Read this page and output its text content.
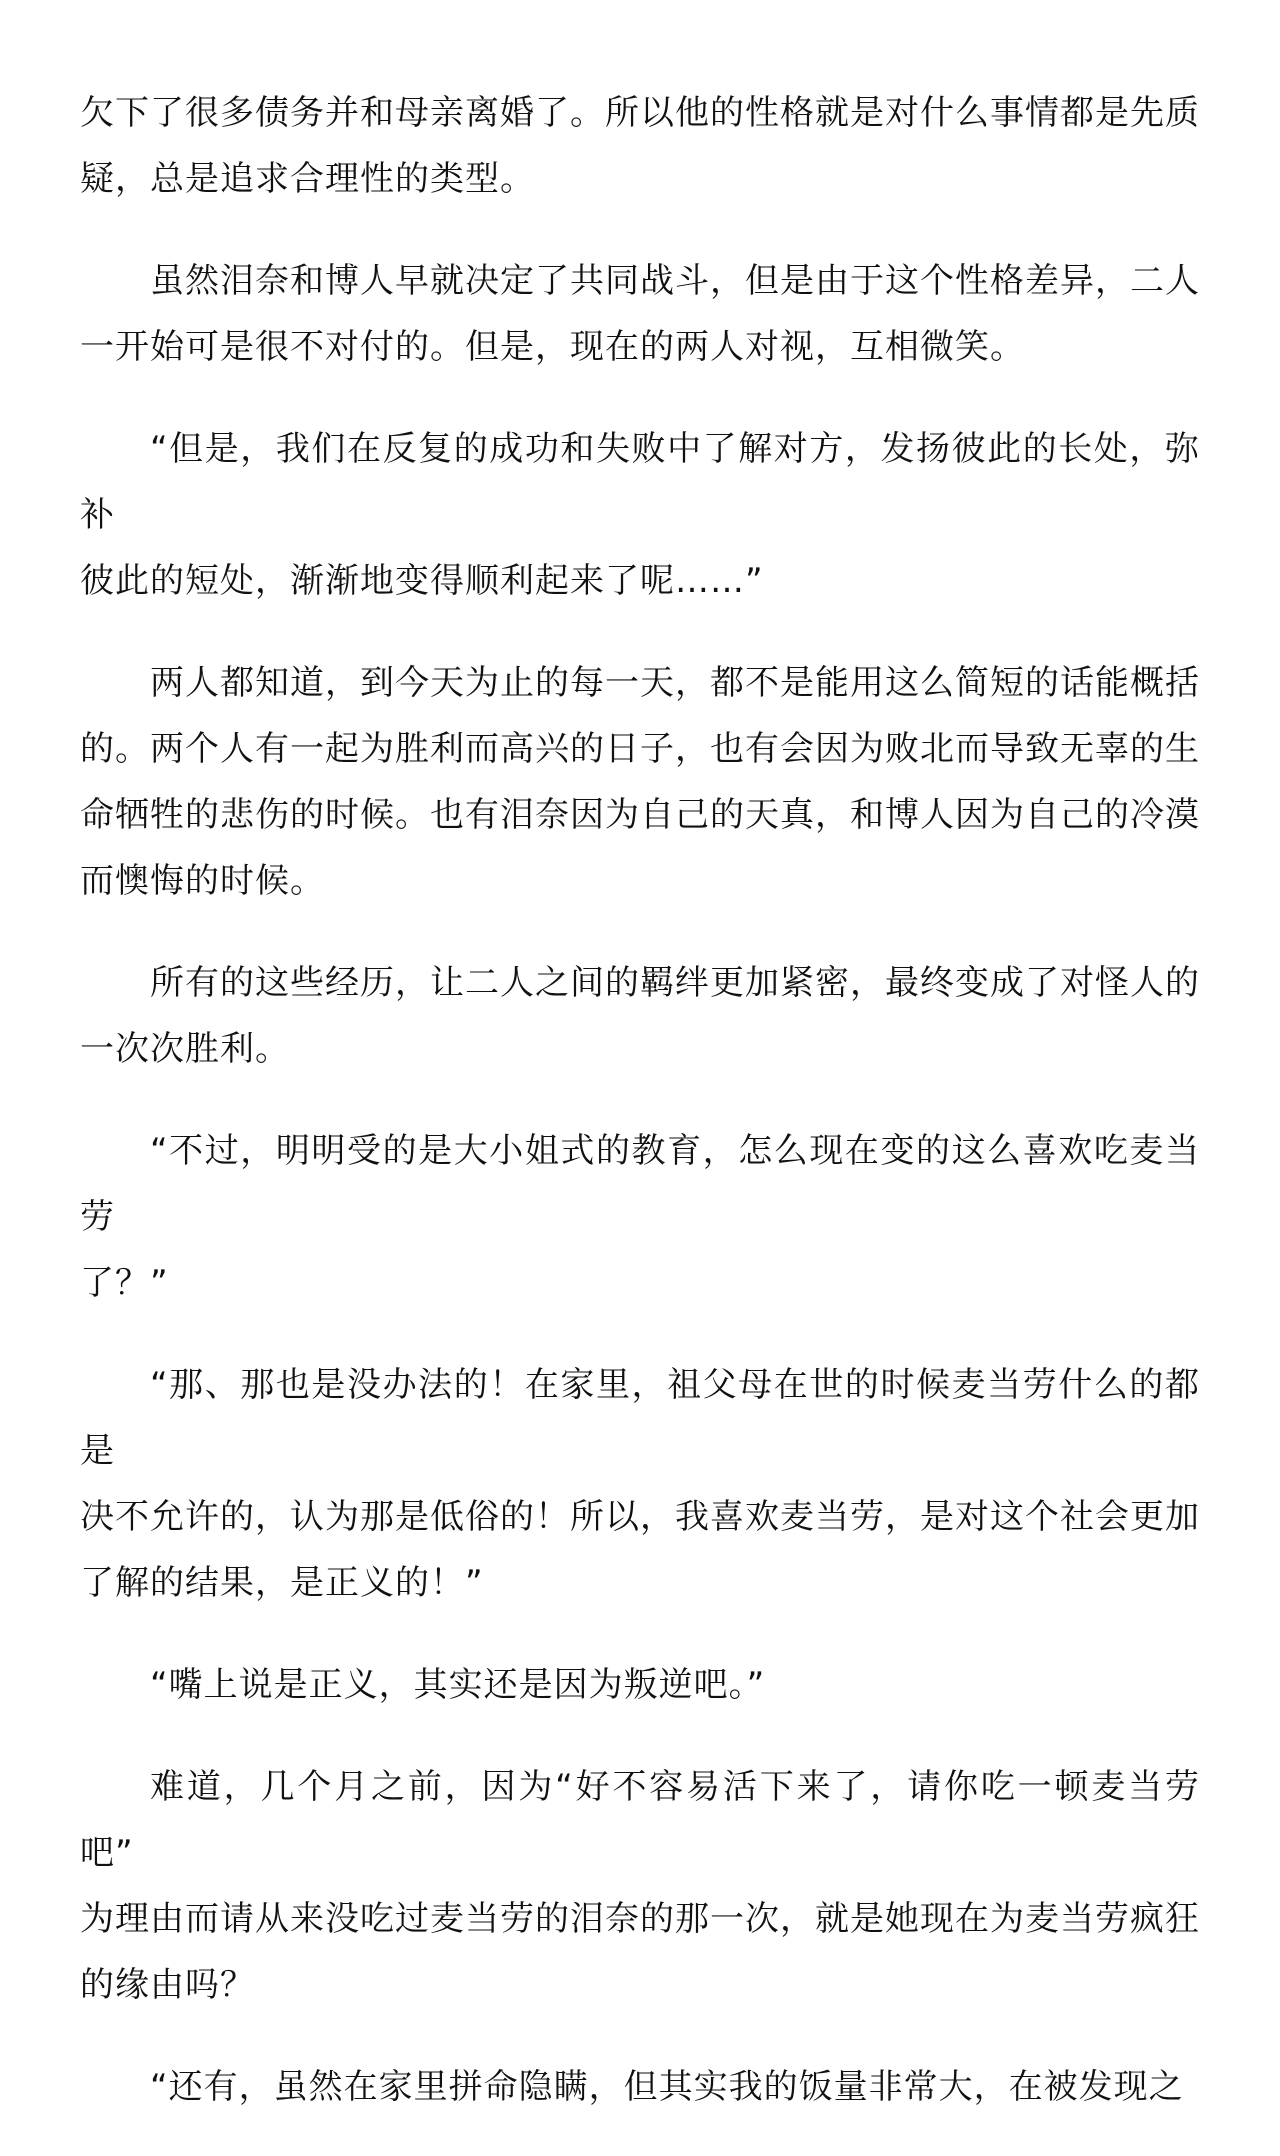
欠下了很多债务并和母亲离婚了。所以他的性格就是对什么事情都是先质
疑，总是追求合理性的类型。

虽然泪奈和博人早就决定了共同战斗，但是由于这个性格差异，二人
一开始可是很不对付的。但是，现在的两人对视，互相微笑。

“但是，我们在反复的成功和失败中了解对方，发扬彼此的长处，弥补
彼此的短处，渐渐地变得顺利起来了呢……”

两人都知道，到今天为止的每一天，都不是能用这么简短的话能概括
的。两个人有一起为胜利而高兴的日子，也有会因为败北而导致无辜的生
命牺牲的悲伤的时候。也有泪奈因为自己的天真，和博人因为自己的冷漠
而懊悔的时候。

所有的这些经历，让二人之间的羁绊更加紧密，最终变成了对怪人的
一次次胜利。

“不过，明明受的是大小姐式的教育，怎么现在变的这么喜欢吃麦当劳
了？”

“那、那也是没办法的！在家里，祖父母在世的时候麦当劳什么的都是
决不允许的，认为那是低俗的！所以，我喜欢麦当劳，是对这个社会更加
了解的结果，是正义的！”

“嘴上说是正义，其实还是因为叛逆吧。”

难道，几个月之前，因为“好不容易活下来了，请你吃一顿麦当劳吧”
为理由而请从来没吃过麦当劳的泪奈的那一次，就是她现在为麦当劳疯狂
的缘由吗？

“还有，虽然在家里拼命隐瞒，但其实我的饭量非常大，在被发现之
